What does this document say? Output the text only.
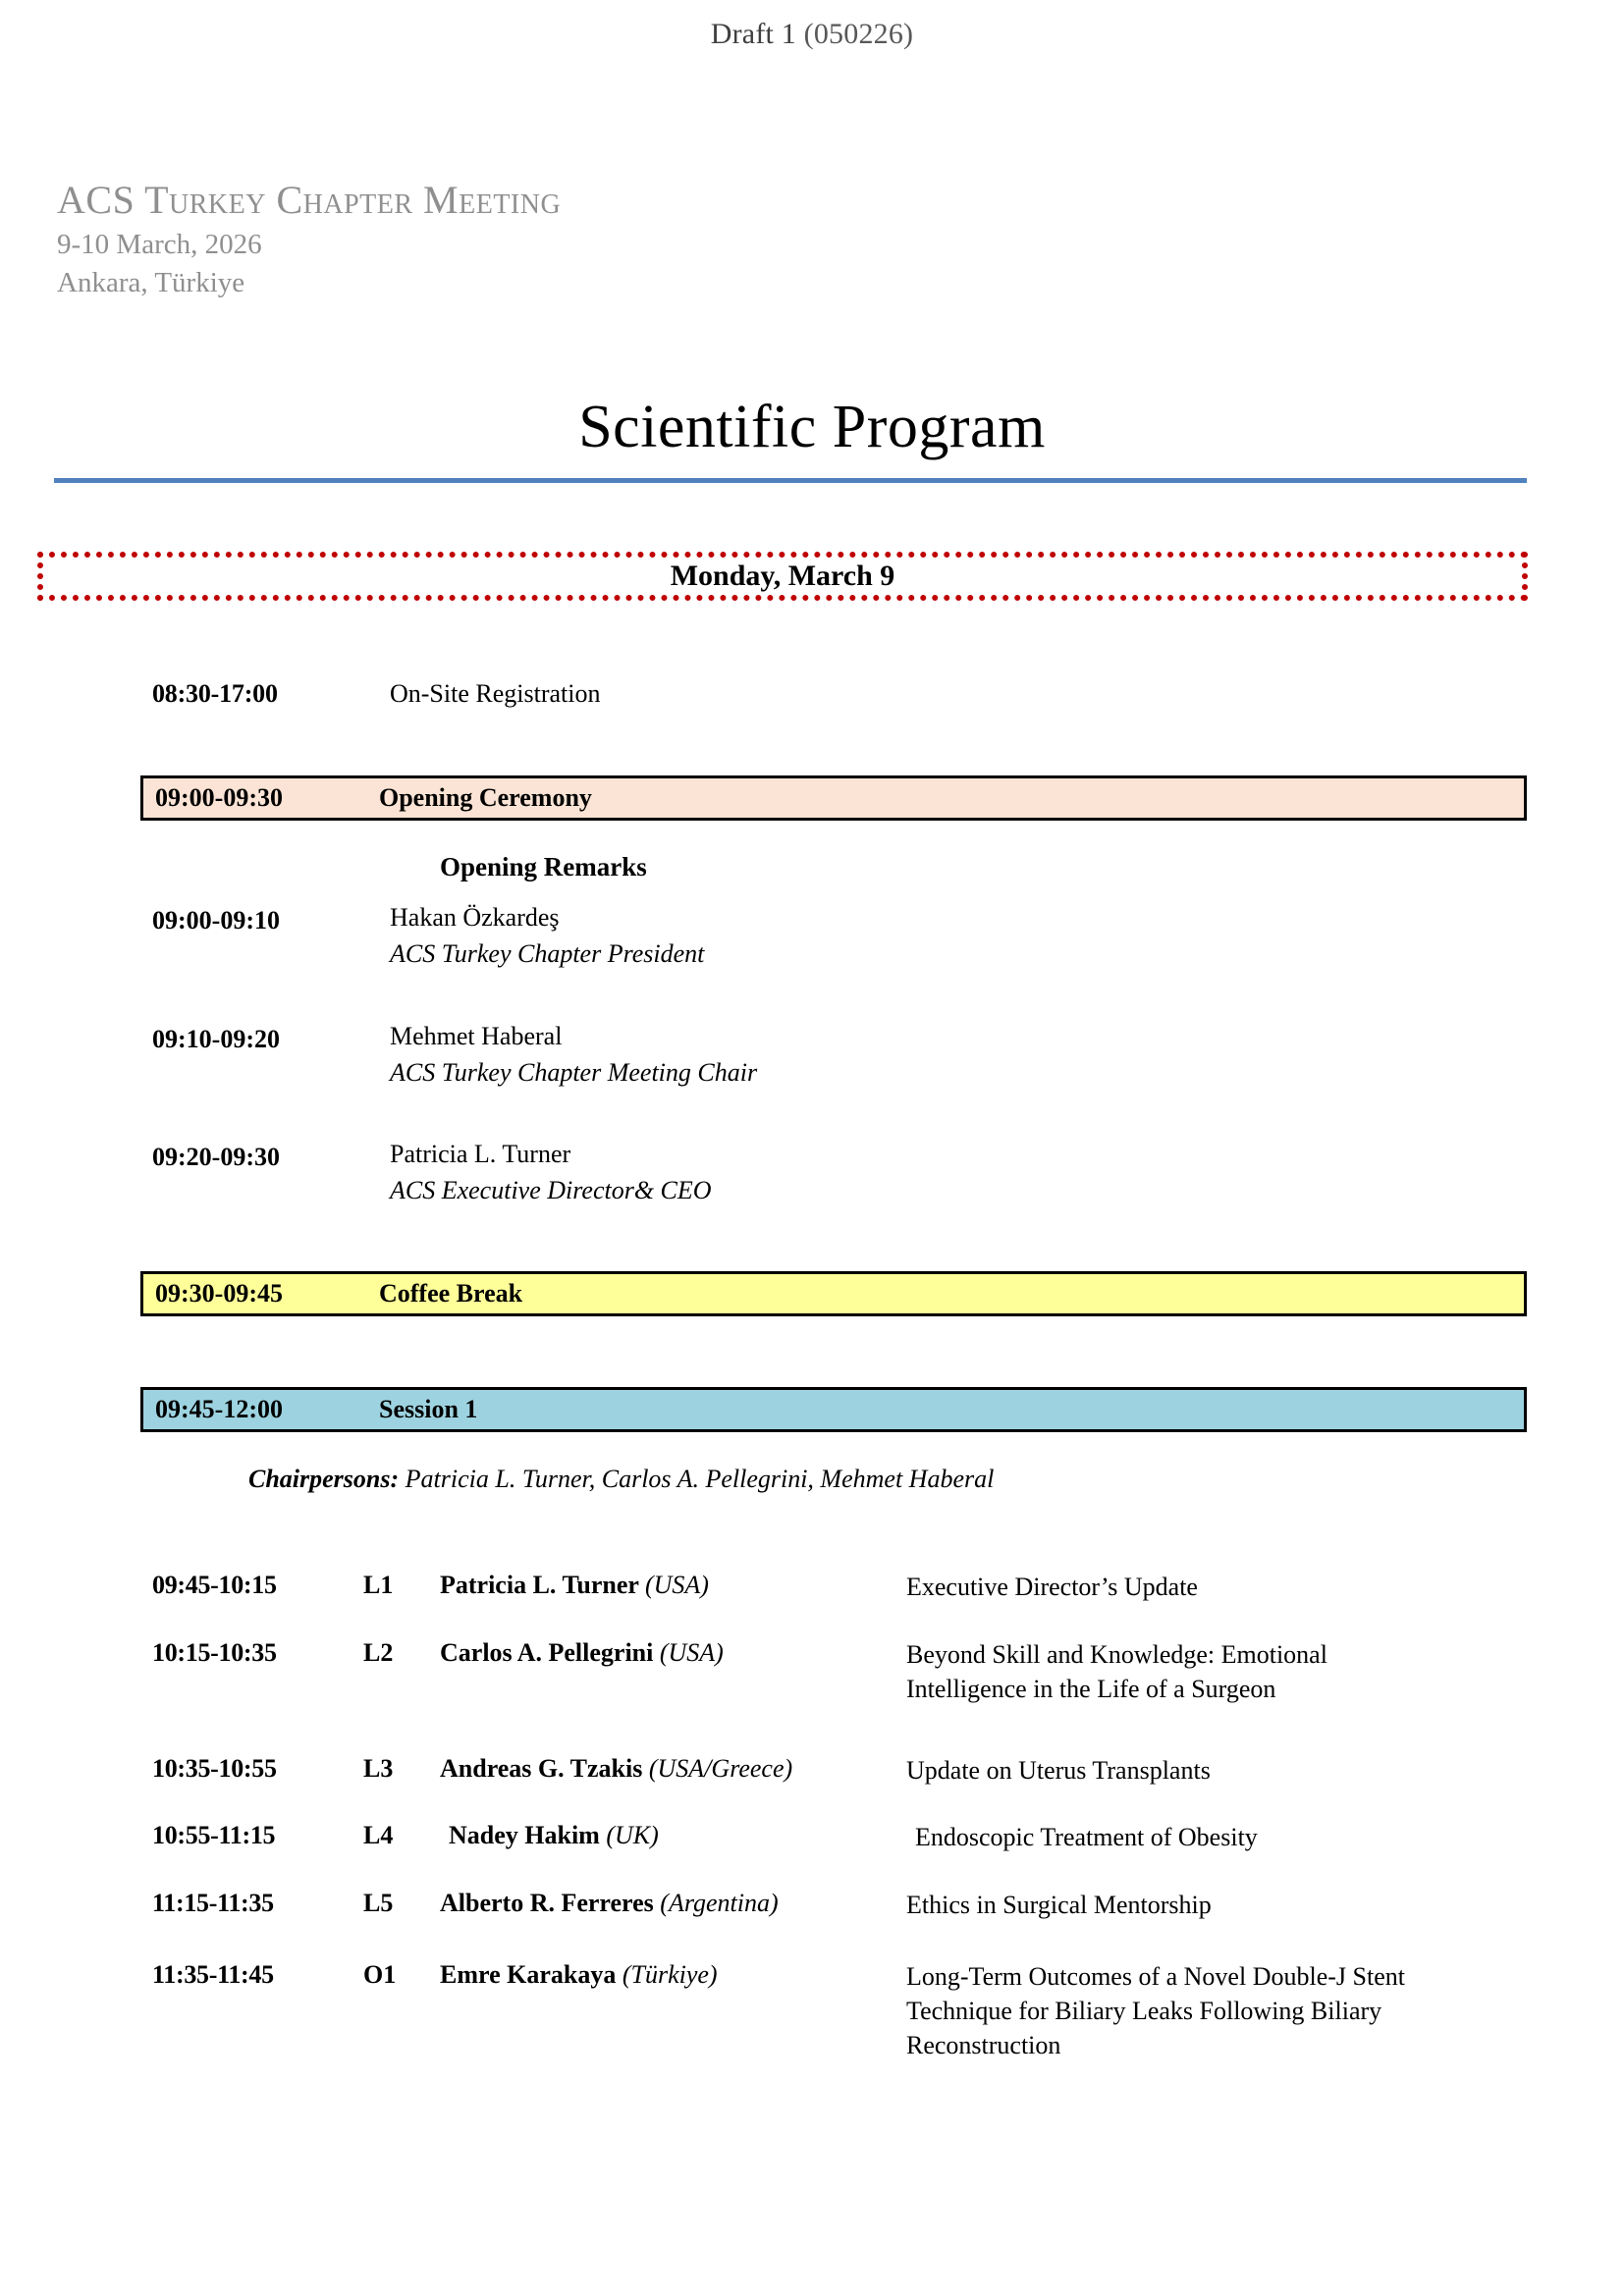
Draft 1 (050226)
ACS Turkey Chapter Meeting
9-10 March, 2026
Ankara, Türkiye
Scientific Program
Monday, March 9
08:30-17:00	On-Site Registration
09:00-09:30	Opening Ceremony
Opening Remarks
09:00-09:10	Hakan Özkardeş
ACS Turkey Chapter President
09:10-09:20	Mehmet Haberal
ACS Turkey Chapter Meeting Chair
09:20-09:30	Patricia L. Turner
ACS Executive Director& CEO
09:30-09:45	Coffee Break
09:45-12:00	Session 1
Chairpersons: Patricia L. Turner, Carlos A. Pellegrini, Mehmet Haberal
09:45-10:15	L1	Patricia L. Turner (USA)	Executive Director’s Update
10:15-10:35	L2	Carlos A. Pellegrini (USA)	Beyond Skill and Knowledge: Emotional Intelligence in the Life of a Surgeon
10:35-10:55	L3	Andreas G. Tzakis (USA/Greece)	Update on Uterus Transplants
10:55-11:15	L4	Nadey Hakim (UK)	Endoscopic Treatment of Obesity
11:15-11:35	L5	Alberto R. Ferreres (Argentina)	Ethics in Surgical Mentorship
11:35-11:45	O1	Emre Karakaya (Türkiye)	Long-Term Outcomes of a Novel Double-J Stent Technique for Biliary Leaks Following Biliary Reconstruction
